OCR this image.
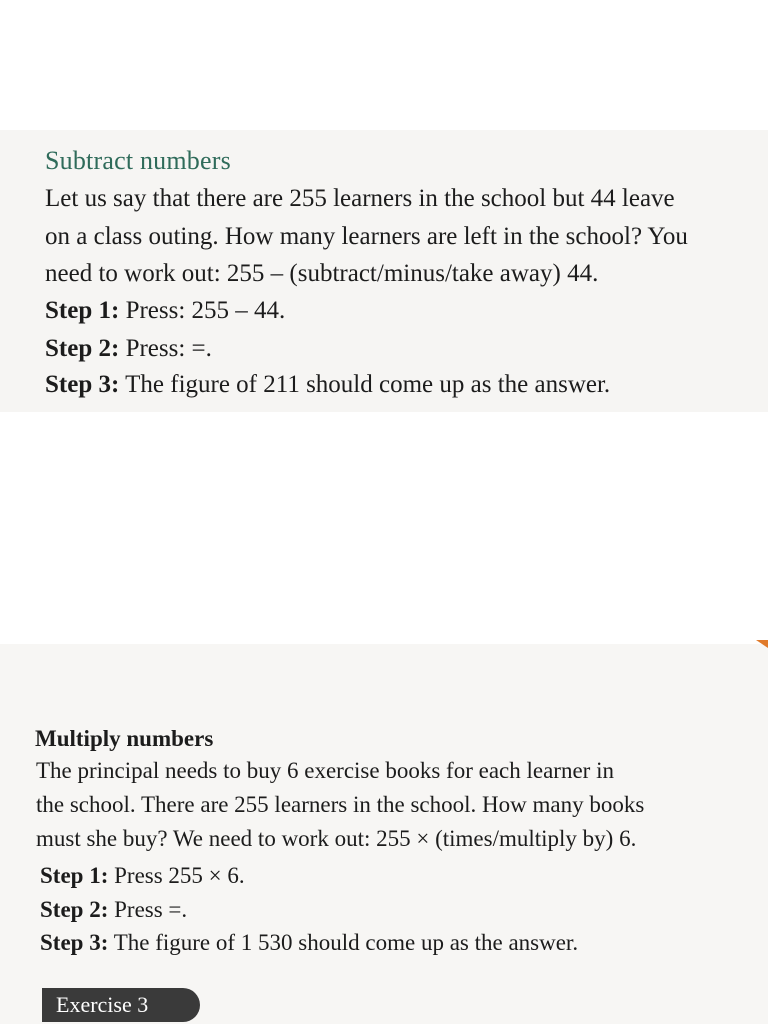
Subtract numbers
Let us say that there are 255 learners in the school but 44 leave
on a class outing. How many learners are left in the school? You
need to work out: 255 – (subtract/minus/take away) 44.
Step 1: Press: 255 – 44.
Step 2: Press: =.
Step 3: The figure of 211 should come up as the answer.
Multiply numbers
The principal needs to buy 6 exercise books for each learner in
the school. There are 255 learners in the school. How many books
must she buy? We need to work out: 255 × (times/multiply by) 6.
Step 1: Press 255 × 6.
Step 2: Press =.
Step 3: The figure of 1 530 should come up as the answer.
Exercise 3
